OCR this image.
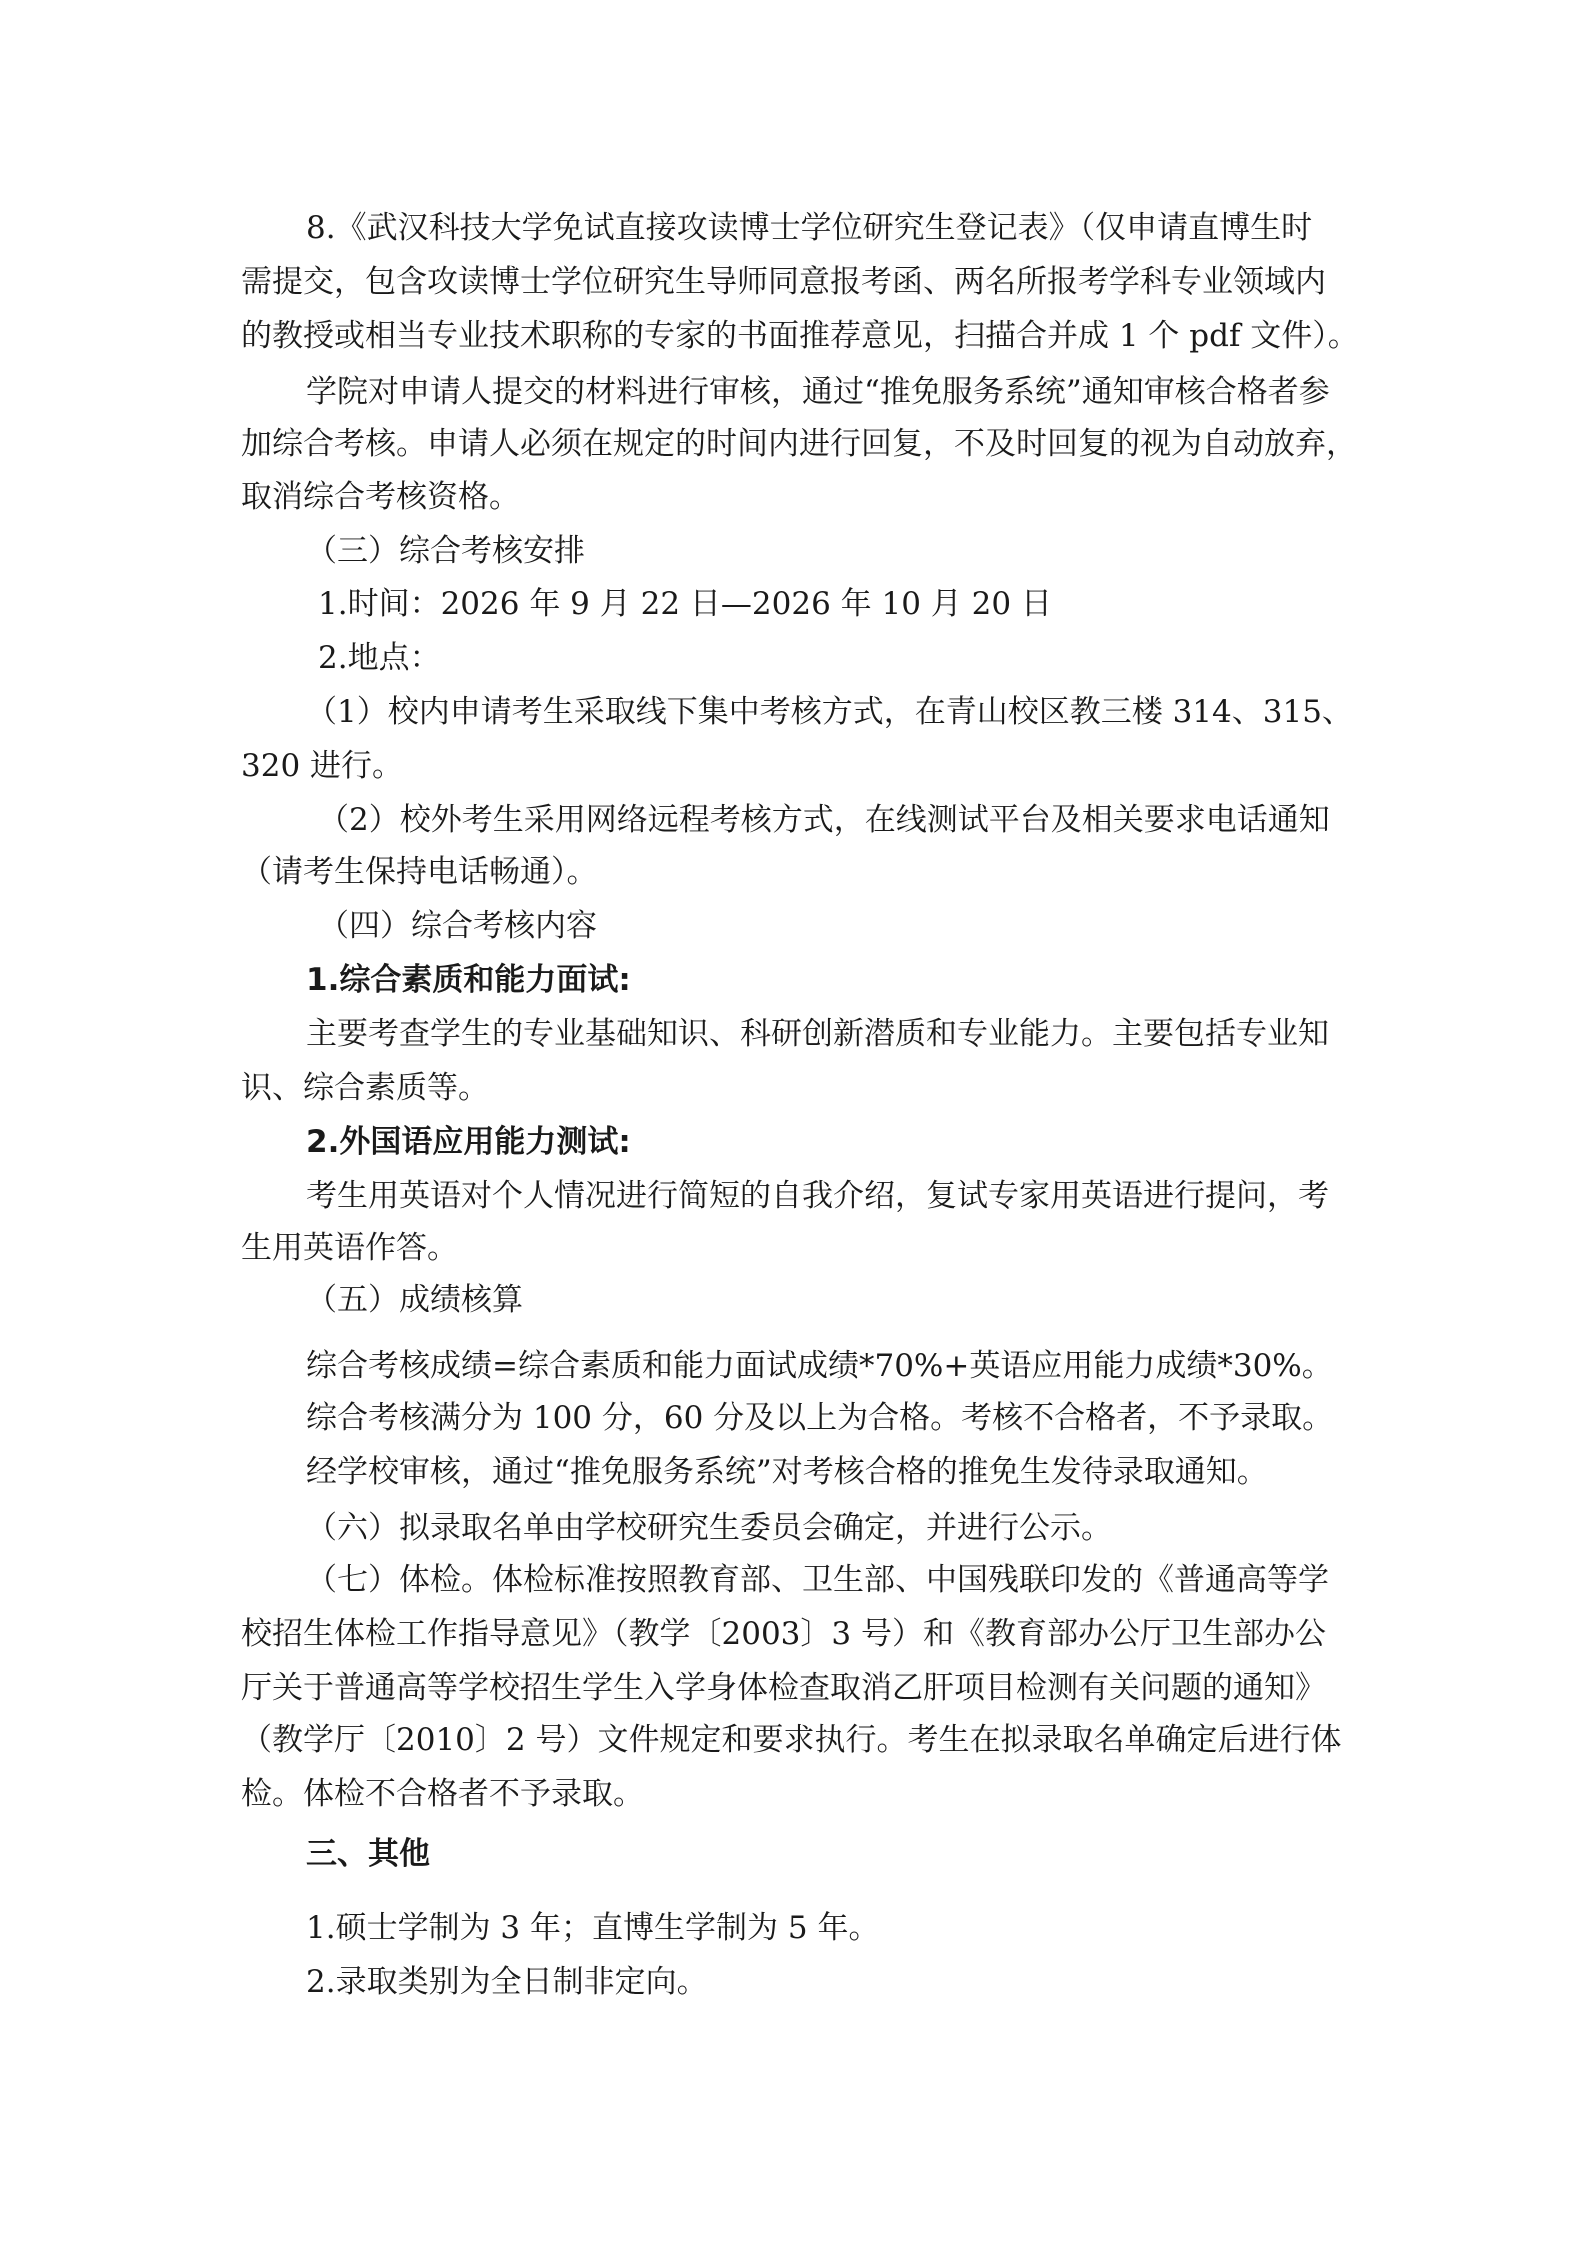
8.《武汉科技大学免试直接攻读博士学位研究生登记表》（仅申请直博生时
需提交，包含攻读博士学位研究生导师同意报考函、两名所报考学科专业领域内
的教授或相当专业技术职称的专家的书面推荐意见，扫描合并成 1 个 pdf 文件）。
学院对申请人提交的材料进行审核，通过“推免服务系统”通知审核合格者参
加综合考核。申请人必须在规定的时间内进行回复，不及时回复的视为自动放弃，
取消综合考核资格。
（三）综合考核安排
1.时间：2026 年 9 月 22 日—2026 年 10 月 20 日
2.地点：
（1）校内申请考生采取线下集中考核方式，在青山校区教三楼 314、315、
320 进行。
（2）校外考生采用网络远程考核方式，在线测试平台及相关要求电话通知
（请考生保持电话畅通）。
（四）综合考核内容
1.综合素质和能力面试:
主要考查学生的专业基础知识、科研创新潜质和专业能力。主要包括专业知
识、综合素质等。
2.外国语应用能力测试:
考生用英语对个人情况进行简短的自我介绍，复试专家用英语进行提问，考
生用英语作答。
（五）成绩核算
综合考核成绩=综合素质和能力面试成绩*70%+英语应用能力成绩*30%。
综合考核满分为 100 分，60 分及以上为合格。考核不合格者，不予录取。
经学校审核，通过“推免服务系统”对考核合格的推免生发待录取通知。
（六）拟录取名单由学校研究生委员会确定，并进行公示。
（七）体检。体检标准按照教育部、卫生部、中国残联印发的《普通高等学
校招生体检工作指导意见》（教学〔2003〕3 号）和《教育部办公厅卫生部办公
厅关于普通高等学校招生学生入学身体检查取消乙肝项目检测有关问题的通知》
（教学厅〔2010〕2 号）文件规定和要求执行。考生在拟录取名单确定后进行体
检。体检不合格者不予录取。
三、其他
1.硕士学制为 3 年；直博生学制为 5 年。
2.录取类别为全日制非定向。
